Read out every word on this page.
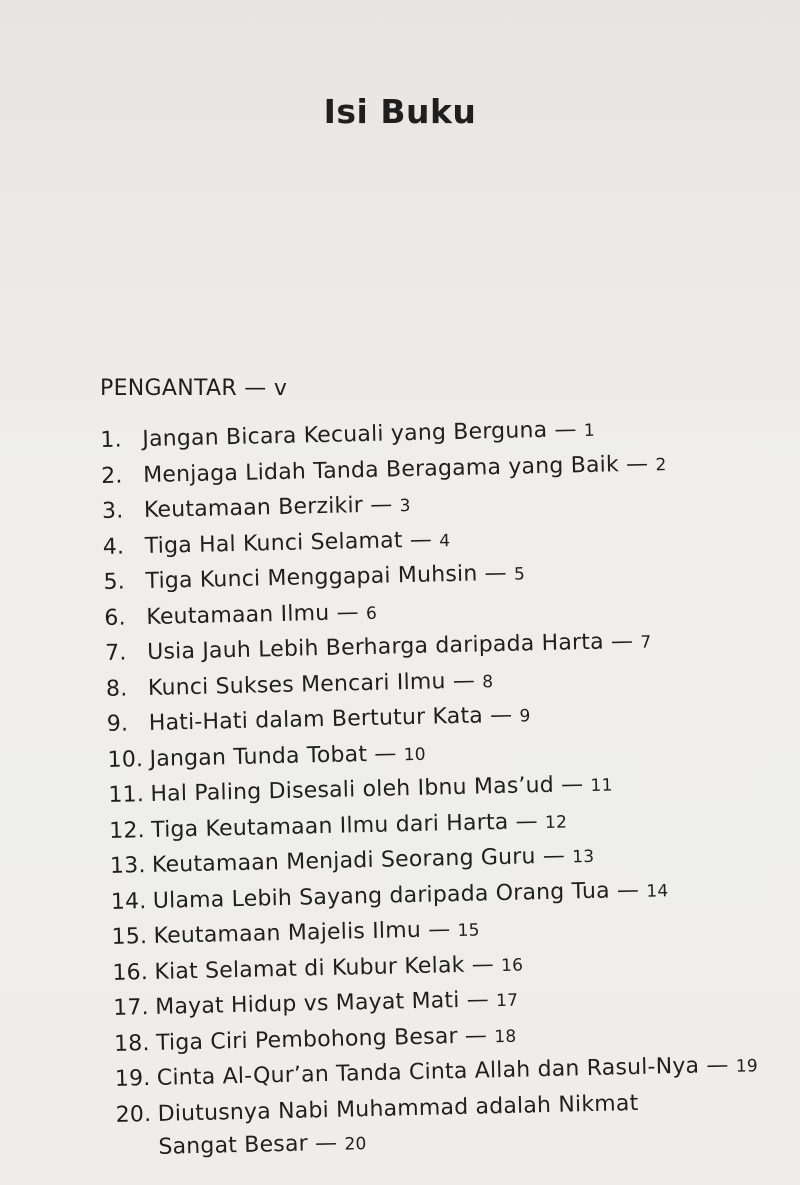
Isi Buku
PENGANTAR — v
1. Jangan Bicara Kecuali yang Berguna — 1
2. Menjaga Lidah Tanda Beragama yang Baik — 2
3. Keutamaan Berzikir — 3
4. Tiga Hal Kunci Selamat — 4
5. Tiga Kunci Menggapai Muhsin — 5
6. Keutamaan Ilmu — 6
7. Usia Jauh Lebih Berharga daripada Harta — 7
8. Kunci Sukses Mencari Ilmu — 8
9. Hati-Hati dalam Bertutur Kata — 9
10. Jangan Tunda Tobat — 10
11. Hal Paling Disesali oleh Ibnu Mas’ud — 11
12. Tiga Keutamaan Ilmu dari Harta — 12
13. Keutamaan Menjadi Seorang Guru — 13
14. Ulama Lebih Sayang daripada Orang Tua — 14
15. Keutamaan Majelis Ilmu — 15
16. Kiat Selamat di Kubur Kelak — 16
17. Mayat Hidup vs Mayat Mati — 17
18. Tiga Ciri Pembohong Besar — 18
19. Cinta Al-Qur’an Tanda Cinta Allah dan Rasul-Nya — 19
20. Diutusnya Nabi Muhammad adalah Nikmat Sangat Besar — 20
